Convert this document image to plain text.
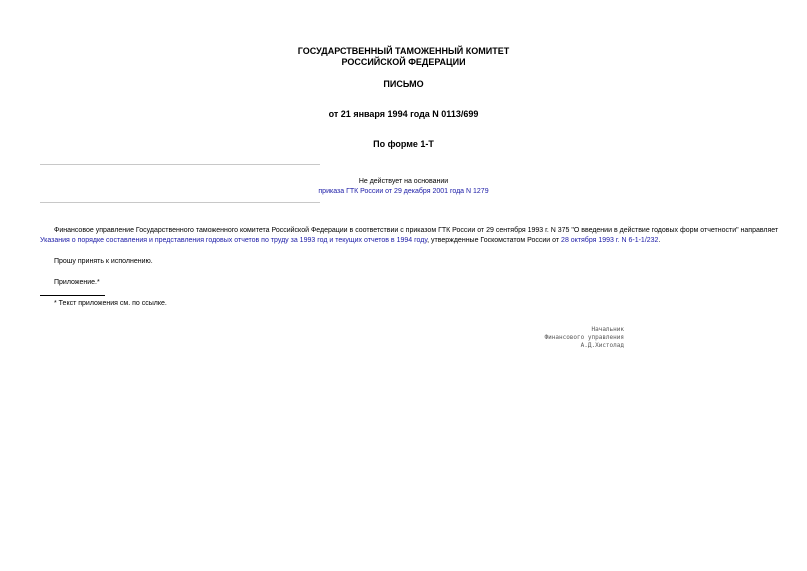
ГОСУДАРСТВЕННЫЙ ТАМОЖЕННЫЙ КОМИТЕТ
РОССИЙСКОЙ ФЕДЕРАЦИИ
ПИСЬМО
от 21 января 1994 года N 0113/699
По форме 1-Т
Не действует на основании
приказа ГТК России от 29 декабря 2001 года N 1279
Финансовое управление Государственного таможенного комитета Российской Федерации в соответствии с приказом ГТК России от 29 сентября 1993 г. N 375 "О введении в действие годовых форм отчетности" направляет Указания о порядке составления и представления годовых отчетов по труду за 1993 год и текущих отчетов в 1994 году, утвержденные Госкомстатом России от 28 октября 1993 г. N 6-1-1/232.
Прошу принять к исполнению.
Приложение.*
* Текст приложения см. по ссылке.
Начальник
Финансового управления
А.Д.Хистолад
